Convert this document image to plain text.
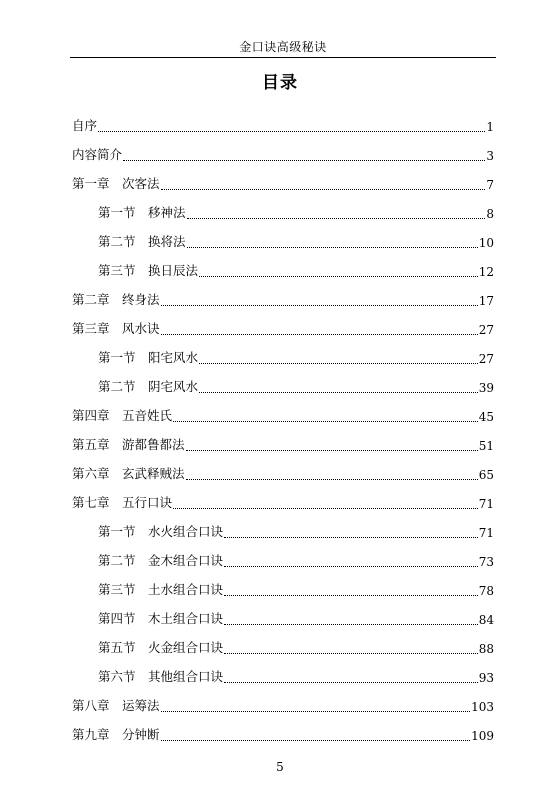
金口诀高级秘诀
目录
自序	1
内容简介	3
第一章　次客法	7
第一节　移神法	8
第二节　换将法	10
第三节　换日辰法	12
第二章　终身法	17
第三章　风水诀	27
第一节　阳宅风水	27
第二节　阴宅风水	39
第四章　五音姓氏	45
第五章　游都鲁都法	51
第六章　玄武释贼法	65
第七章　五行口诀	71
第一节　水火组合口诀	71
第二节　金木组合口诀	73
第三节　土水组合口诀	78
第四节　木土组合口诀	84
第五节　火金组合口诀	88
第六节　其他组合口诀	93
第八章　运筹法	103
第九章　分钟断	109
5
